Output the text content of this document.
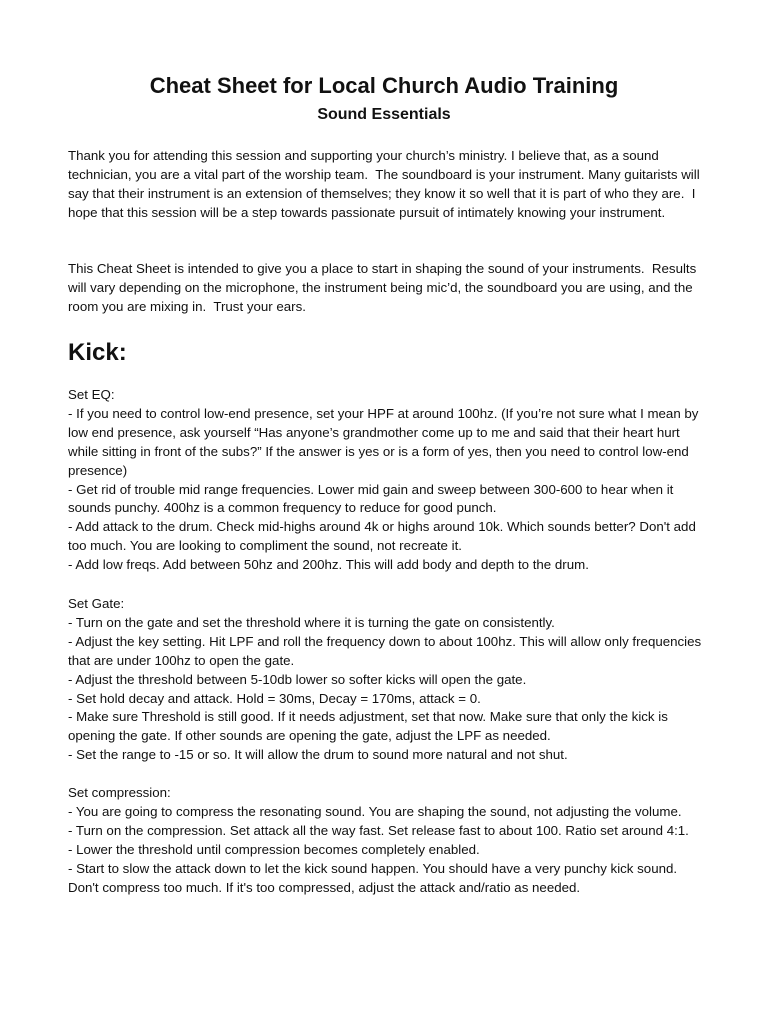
Cheat Sheet for Local Church Audio Training
Sound Essentials

Thank you for attending this session and supporting your church’s ministry. I believe that, as a sound technician, you are a vital part of the worship team.  The soundboard is your instrument. Many guitarists will say that their instrument is an extension of themselves; they know it so well that it is part of who they are.  I hope that this session will be a step towards passionate pursuit of intimately knowing your instrument.

This Cheat Sheet is intended to give you a place to start in shaping the sound of your instruments.  Results will vary depending on the microphone, the instrument being mic’d, the soundboard you are using, and the room you are mixing in.  Trust your ears.

Kick:

Set EQ:

- If you need to control low-end presence, set your HPF at around 100hz. (If you’re not sure what I mean by low end presence, ask yourself “Has anyone’s grandmother come up to me and said that their heart hurt while sitting in front of the subs?” If the answer is yes or is a form of yes, then you need to control low-end presence)
- Get rid of trouble mid range frequencies. Lower mid gain and sweep between 300-600 to hear when it sounds punchy. 400hz is a common frequency to reduce for good punch.
- Add attack to the drum. Check mid-highs around 4k or highs around 10k. Which sounds better? Don't add too much. You are looking to compliment the sound, not recreate it.
- Add low freqs. Add between 50hz and 200hz. This will add body and depth to the drum.

Set Gate:

- Turn on the gate and set the threshold where it is turning the gate on consistently.
- Adjust the key setting. Hit LPF and roll the frequency down to about 100hz. This will allow only frequencies that are under 100hz to open the gate.
- Adjust the threshold between 5-10db lower so softer kicks will open the gate.
- Set hold decay and attack. Hold = 30ms, Decay = 170ms, attack = 0.
- Make sure Threshold is still good. If it needs adjustment, set that now. Make sure that only the kick is opening the gate. If other sounds are opening the gate, adjust the LPF as needed.
- Set the range to -15 or so. It will allow the drum to sound more natural and not shut.

Set compression:

- You are going to compress the resonating sound. You are shaping the sound, not adjusting the volume.
- Turn on the compression. Set attack all the way fast. Set release fast to about 100. Ratio set around 4:1.
- Lower the threshold until compression becomes completely enabled.
- Start to slow the attack down to let the kick sound happen. You should have a very punchy kick sound. Don't compress too much. If it's too compressed, adjust the attack and/ratio as needed.
